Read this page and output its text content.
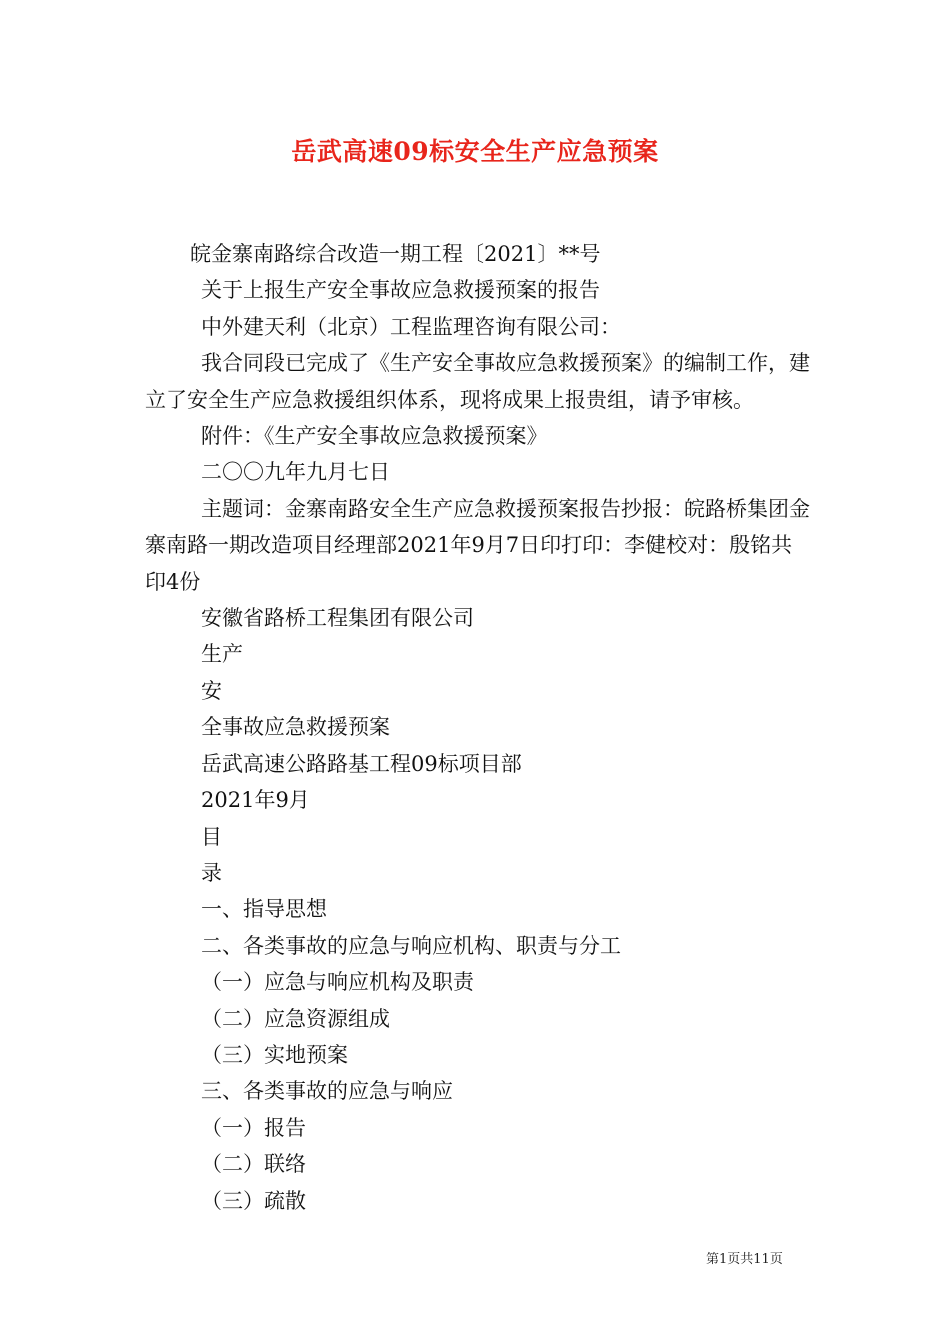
岳武高速09标安全生产应急预案

皖金寨南路综合改造一期工程〔2021〕**号

关于上报生产安全事故应急救援预案的报告

中外建天利（北京）工程监理咨询有限公司：

我合同段已完成了《生产安全事故应急救援预案》的编制工作，建立了安全生产应急救援组织体系，现将成果上报贵组，请予审核。

附件：《生产安全事故应急救援预案》

二〇〇九年九月七日

主题词：金寨南路安全生产应急救援预案报告抄报：皖路桥集团金寨南路一期改造项目经理部2021年9月7日印打印：李健校对：殷铭共印4份

安徽省路桥工程集团有限公司

生产

安

全事故应急救援预案

岳武高速公路路基工程09标项目部

2021年9月

目

录

一、指导思想

二、各类事故的应急与响应机构、职责与分工

（一）应急与响应机构及职责

（二）应急资源组成

（三）实地预案

三、各类事故的应急与响应

（一）报告

（二）联络

（三）疏散

第1页共11页
